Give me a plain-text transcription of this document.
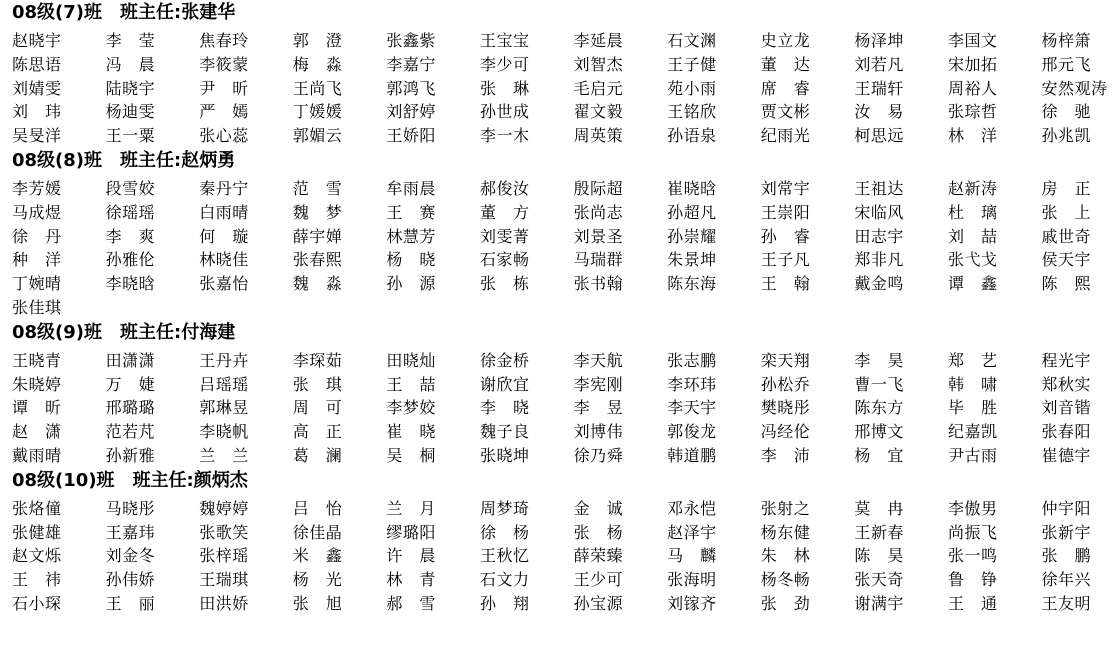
08级(7)班 班主任:张建华
赵晓宇	李　莹	焦春玲	郭　澄	张鑫紫	王宝宝	李延晨	石文渊	史立龙	杨泽坤	李国文	杨梓箫
陈思语	冯　晨	李筱蒙	梅　淼	李嘉宁	李少可	刘智杰	王子健	董　达	刘若凡	宋加拓	邢元飞
刘婧雯	陆晓宇	尹　昕	王尚飞	郭鸿飞	张　琳	毛启元	苑小雨	席　睿	王瑞轩	周裕人	安然观涛
刘　玮	杨迪雯	严　嫣	丁媛媛	刘舒婷	孙世成	翟文毅	王铭欣	贾文彬	汝　易	张琮哲	徐　驰
吴旻洋	王一粟	张心蕊	郭媚云	王娇阳	李一木	周英策	孙语泉	纪雨光	柯思远	林　洋	孙兆凯
08级(8)班 班主任:赵炳勇
李芳媛	段雪姣	秦丹宁	范　雪	牟雨晨	郝俊汝	殷际超	崔晓晗	刘常宇	王祖达	赵新涛	房　正
马成煜	徐瑶瑶	白雨晴	魏　梦	王　赛	董　方	张尚志	孙超凡	王崇阳	宋临风	杜　璃	张　上
徐　丹	李　爽	何　璇	薛宇婵	林慧芳	刘雯菁	刘景圣	孙崇耀	孙　睿	田志宇	刘　喆	戚世奇
种　洋	孙雅伦	林晓佳	张春熙	杨　晓	石家畅	马瑞群	朱景坤	王子凡	郑非凡	张弋戈	侯天宇
丁婉晴	李晓晗	张嘉怡	魏　淼	孙　源	张　栋	张书翰	陈东海	王　翰	戴金鸣	谭　鑫	陈　熙
张佳琪
08级(9)班 班主任:付海建
王晓青	田潇潇	王丹卉	李琛茹	田晓灿	徐金桥	李天航	张志鹏	栾天翔	李　昊	郑　艺	程光宇
朱晓婷	万　婕	吕瑶瑶	张　琪	王　喆	谢欣宜	李宪刚	李环玮	孙松乔	曹一飞	韩　啸	郑秋实
谭　昕	邢璐璐	郭琳昱	周　可	李梦姣	李　晓	李　昱	李天宇	樊晓彤	陈东方	毕　胜	刘音锴
赵　潇	范若芃	李晓帆	高　正	崔　晓	魏子良	刘博伟	郭俊龙	冯经伦	邢博文	纪嘉凯	张春阳
戴雨晴	孙新雅	兰　兰	葛　澜	吴　桐	张晓坤	徐乃舜	韩道鹏	李　沛	杨　宜	尹古雨	崔德宇
08级(10)班 班主任:颜炳杰
张烙僮	马晓彤	魏婷婷	吕　怡	兰　月	周梦琦	金　诚	邓永恺	张射之	莫　冉	李傲男	仲宇阳
张健雄	王嘉玮	张歌笑	徐佳晶	缪璐阳	徐　杨	张　杨	赵泽宇	杨东健	王新春	尚振飞	张新宇
赵文烁	刘金冬	张梓瑶	米　鑫	许　晨	王秋忆	薛荣臻	马　麟	朱　林	陈　昊	张一鸣	张　鹏
王　祎	孙伟娇	王瑞琪	杨　光	林　青	石文力	王少可	张海明	杨冬畅	张天奇	鲁　铮	徐年兴
石小琛	王　丽	田洪娇	张　旭	郝　雪	孙　翔	孙宝源	刘镓齐	张　劲	谢满宇	王　通	王友明
